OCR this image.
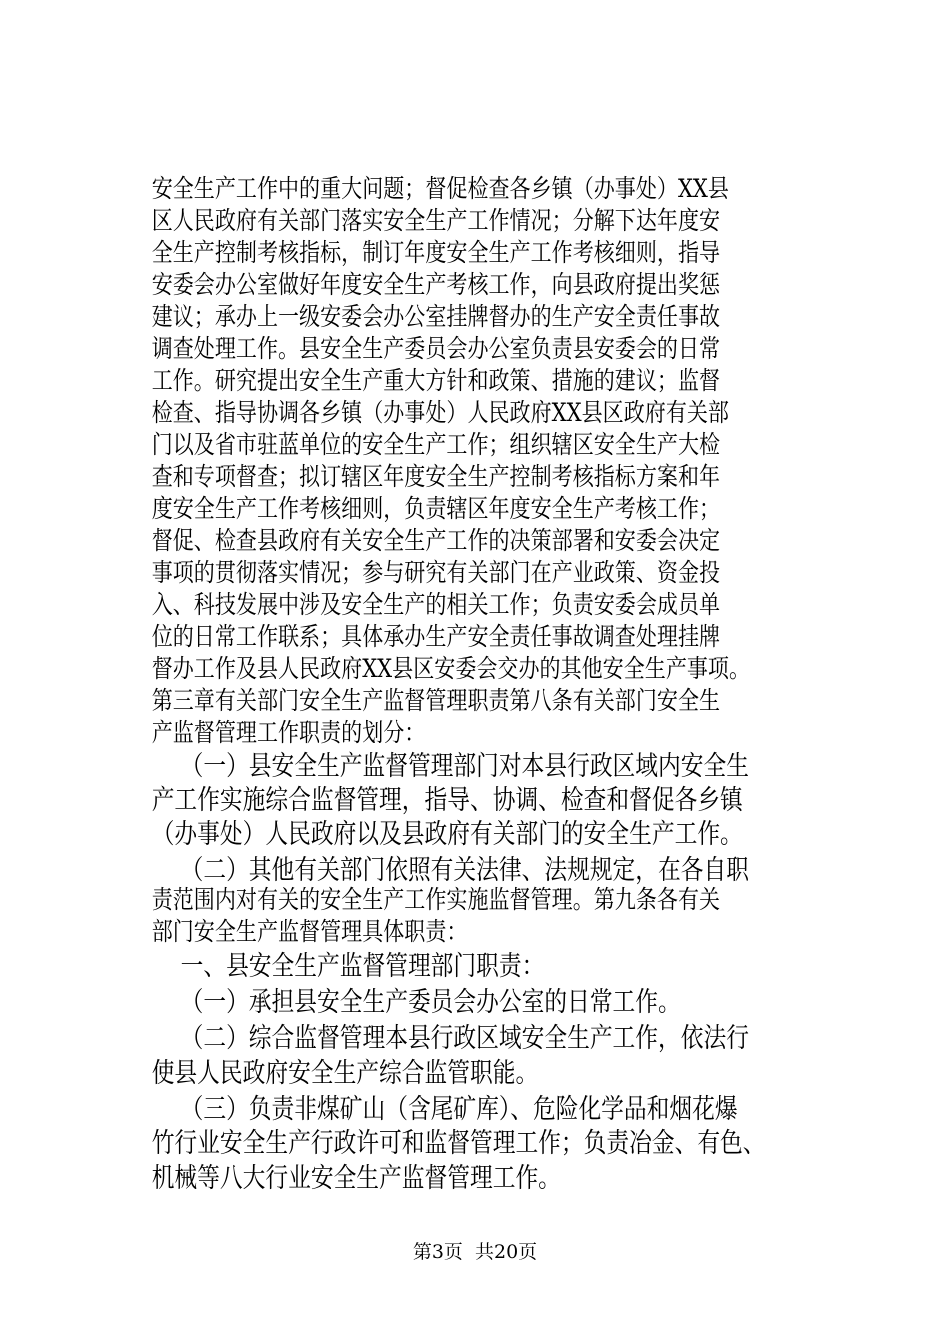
安全生产工作中的重大问题；督促检查各乡镇（办事处）XX县
区人民政府有关部门落实安全生产工作情况；分解下达年度安
全生产控制考核指标，制订年度安全生产工作考核细则，指导
安委会办公室做好年度安全生产考核工作，向县政府提出奖惩
建议；承办上一级安委会办公室挂牌督办的生产安全责任事故
调查处理工作。县安全生产委员会办公室负责县安委会的日常
工作。研究提出安全生产重大方针和政策、措施的建议；监督
检查、指导协调各乡镇（办事处）人民政府XX县区政府有关部
门以及省市驻蓝单位的安全生产工作；组织辖区安全生产大检
查和专项督查；拟订辖区年度安全生产控制考核指标方案和年
度安全生产工作考核细则，负责辖区年度安全生产考核工作；
督促、检查县政府有关安全生产工作的决策部署和安委会决定
事项的贯彻落实情况；参与研究有关部门在产业政策、资金投
入、科技发展中涉及安全生产的相关工作；负责安委会成员单
位的日常工作联系；具体承办生产安全责任事故调查处理挂牌
督办工作及县人民政府XX县区安委会交办的其他安全生产事项。
第三章有关部门安全生产监督管理职责第八条有关部门安全生
产监督管理工作职责的划分：
（一）县安全生产监督管理部门对本县行政区域内安全生
产工作实施综合监督管理，指导、协调、检查和督促各乡镇
（办事处）人民政府以及县政府有关部门的安全生产工作。
（二）其他有关部门依照有关法律、法规规定，在各自职
责范围内对有关的安全生产工作实施监督管理。第九条各有关
部门安全生产监督管理具体职责：
一、县安全生产监督管理部门职责：
（一）承担县安全生产委员会办公室的日常工作。
（二）综合监督管理本县行政区域安全生产工作，依法行
使县人民政府安全生产综合监管职能。
（三）负责非煤矿山（含尾矿库）、危险化学品和烟花爆
竹行业安全生产行政许可和监督管理工作；负责冶金、有色、
机械等八大行业安全生产监督管理工作。
第3页  共20页
